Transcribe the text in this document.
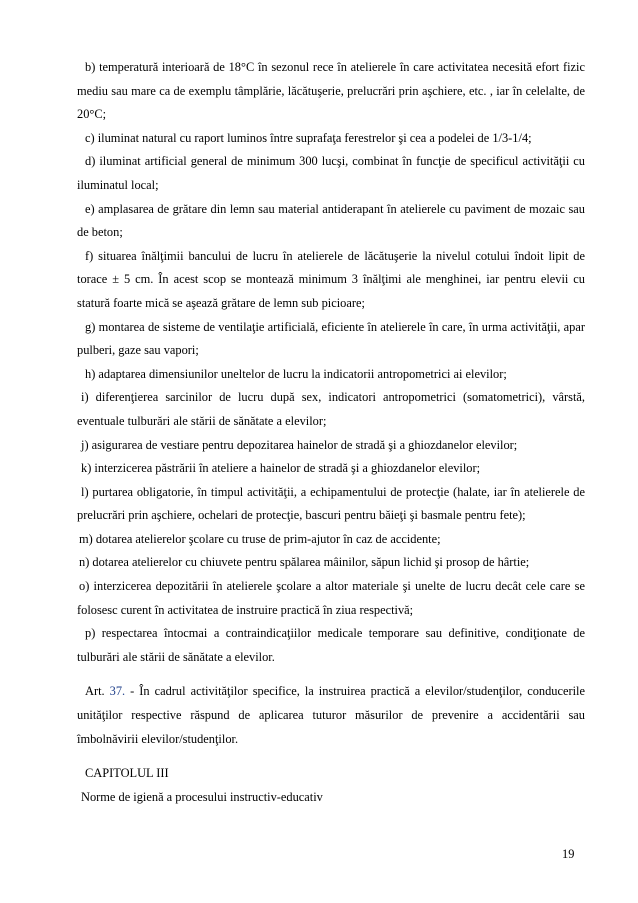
b) temperatură interioară de 18°C în sezonul rece în atelierele în care activitatea necesită efort fizic mediu sau mare ca de exemplu tâmplărie, lăcătuşerie, prelucrări prin aşchiere, etc. , iar în celelalte, de 20°C;

c) iluminat natural cu raport luminos între suprafaţa ferestrelor şi cea a podelei de 1/3-1/4;

d) iluminat artificial general de minimum 300 lucşi, combinat în funcţie de specificul activităţii cu iluminatul local;

e) amplasarea de grătare din lemn sau material antiderapant în atelierele cu paviment de mozaic sau de beton;

f) situarea înălţimii bancului de lucru în atelierele de lăcătuşerie la nivelul cotului îndoit lipit de torace ± 5 cm. În acest scop se montează minimum 3 înălţimi ale menghinei, iar pentru elevii cu statură foarte mică se aşează grătare de lemn sub picioare;

g) montarea de sisteme de ventilaţie artificială, eficiente în atelierele în care, în urma activităţii, apar pulberi, gaze sau vapori;

h) adaptarea dimensiunilor uneltelor de lucru la indicatorii antropometrici ai elevilor;

i) diferenţierea sarcinilor de lucru după sex, indicatori antropometrici (somatometrici), vârstă, eventuale tulburări ale stării de sănătate a elevilor;

j) asigurarea de vestiare pentru depozitarea hainelor de stradă şi a ghiozdanelor elevilor;

k) interzicerea păstrării în ateliere a hainelor de stradă şi a ghiozdanelor elevilor;

l) purtarea obligatorie, în timpul activităţii, a echipamentului de protecţie (halate, iar în atelierele de prelucrări prin aşchiere, ochelari de protecţie, bascuri pentru băieţi şi basmale pentru fete);

m) dotarea atelierelor şcolare cu truse de prim-ajutor în caz de accidente;

n) dotarea atelierelor cu chiuvete pentru spălarea mâinilor, săpun lichid şi prosop de hârtie;

o) interzicerea depozitării în atelierele şcolare a altor materiale şi unelte de lucru decât cele care se folosesc curent în activitatea de instruire practică în ziua respectivă;

p) respectarea întocmai a contraindicaţiilor medicale temporare sau definitive, condiţionate de tulburări ale stării de sănătate a elevilor.

Art. 37. - În cadrul activităţilor specifice, la instruirea practică a elevilor/studenţilor, conducerile unităţilor respective răspund de aplicarea tuturor măsurilor de prevenire a accidentării sau îmbolnăvirii elevilor/studenţilor.

CAPITOLUL III

Norme de igienă a procesului instructiv-educativ

19
